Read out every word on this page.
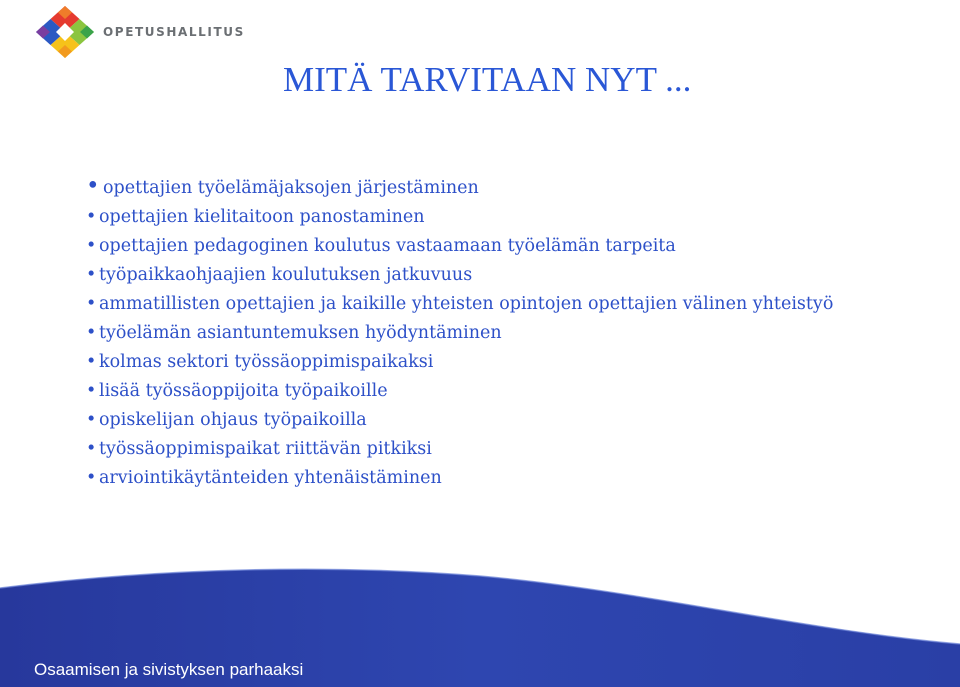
OPETUSHALLITUS
MITÄ TARVITAAN NYT ...
• opettajien työelämäjaksojen järjestäminen
• opettajien kielitaitoon panostaminen
• opettajien pedagoginen koulutus vastaamaan työelämän tarpeita
• työpaikkaohjaajien koulutuksen jatkuvuus
• ammatillisten opettajien ja kaikille yhteisten opintojen opettajien välinen yhteistyö
• työelämän asiantuntemuksen hyödyntäminen
• kolmas sektori työssäoppimispaikaksi
• lisää työssäoppijoita työpaikoille
• opiskelijan ohjaus työpaikoilla
• työssäoppimispaikat riittävän pitkiksi
• arviointikäytänteiden yhtenäistäminen
Osaamisen ja sivistyksen parhaaksi
